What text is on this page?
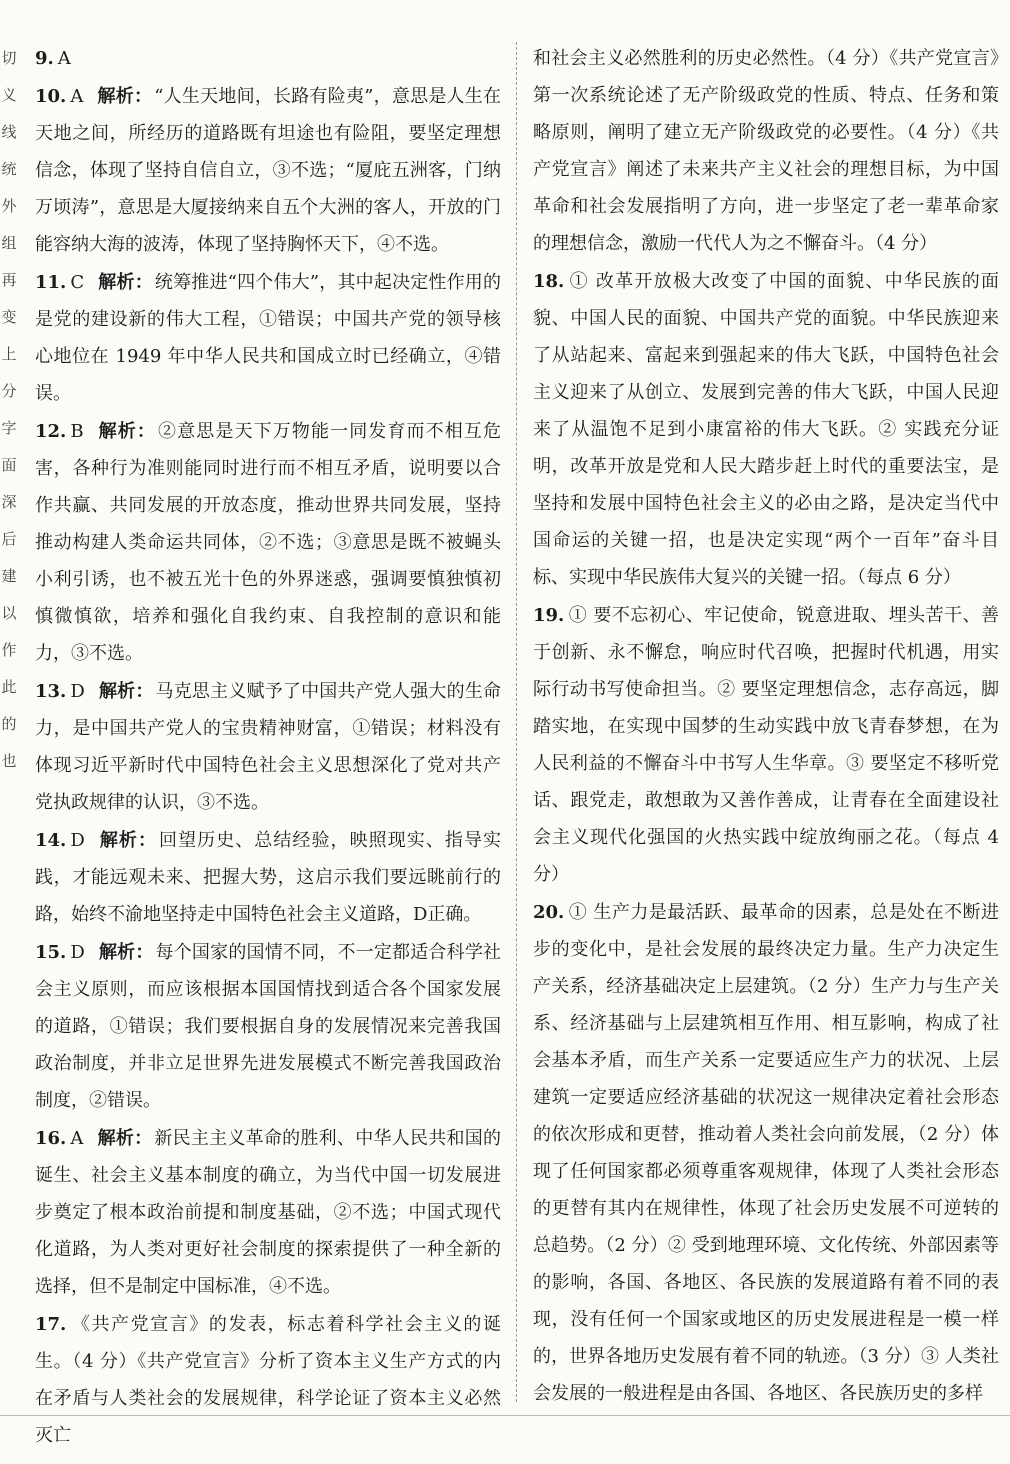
切
义
线
统
外
组
再
变
上
分
字
面
深
后
建
以
作
此
的
也
9. A
10. A 解析： “人生天地间，长路有险夷”，意思是人生在天地之间，所经历的道路既有坦途也有险阻，要坚定理想信念，体现了坚持自信自立，③不选；“厦庇五洲客，门纳万顷涛”，意思是大厦接纳来自五个大洲的客人，开放的门能容纳大海的波涛，体现了坚持胸怀天下，④不选。
11. C 解析： 统筹推进“四个伟大”，其中起决定性作用的是党的建设新的伟大工程，①错误；中国共产党的领导核心地位在 1949 年中华人民共和国成立时已经确立，④错误。
12. B 解析： ②意思是天下万物能一同发育而不相互危害，各种行为准则能同时进行而不相互矛盾，说明要以合作共赢、共同发展的开放态度，推动世界共同发展，坚持推动构建人类命运共同体，②不选；③意思是既不被蝇头小利引诱，也不被五光十色的外界迷惑，强调要慎独慎初慎微慎欲，培养和强化自我约束、自我控制的意识和能力，③不选。
13. D 解析： 马克思主义赋予了中国共产党人强大的生命力，是中国共产党人的宝贵精神财富，①错误；材料没有体现习近平新时代中国特色社会主义思想深化了党对共产党执政规律的认识，③不选。
14. D 解析： 回望历史、总结经验，映照现实、指导实践，才能远观未来、把握大势，这启示我们要远眺前行的路，始终不渝地坚持走中国特色社会主义道路，D正确。
15. D 解析： 每个国家的国情不同，不一定都适合科学社会主义原则，而应该根据本国国情找到适合各个国家发展的道路，①错误；我们要根据自身的发展情况来完善我国政治制度，并非立足世界先进发展模式不断完善我国政治制度，②错误。
16. A 解析： 新民主主义革命的胜利、中华人民共和国的诞生、社会主义基本制度的确立，为当代中国一切发展进步奠定了根本政治前提和制度基础，②不选；中国式现代化道路，为人类对更好社会制度的探索提供了一种全新的选择，但不是制定中国标准，④不选。
17. 《共产党宣言》的发表，标志着科学社会主义的诞生。（4 分）《共产党宣言》分析了资本主义生产方式的内在矛盾与人类社会的发展规律，科学论证了资本主义必然灭亡
和社会主义必然胜利的历史必然性。（4 分）《共产党宣言》第一次系统论述了无产阶级政党的性质、特点、任务和策略原则，阐明了建立无产阶级政党的必要性。（4 分）《共产党宣言》阐述了未来共产主义社会的理想目标，为中国革命和社会发展指明了方向，进一步坚定了老一辈革命家的理想信念，激励一代代人为之不懈奋斗。（4 分）
18. ① 改革开放极大改变了中国的面貌、中华民族的面貌、中国人民的面貌、中国共产党的面貌。中华民族迎来了从站起来、富起来到强起来的伟大飞跃，中国特色社会主义迎来了从创立、发展到完善的伟大飞跃，中国人民迎来了从温饱不足到小康富裕的伟大飞跃。② 实践充分证明，改革开放是党和人民大踏步赶上时代的重要法宝，是坚持和发展中国特色社会主义的必由之路，是决定当代中国命运的关键一招，也是决定实现“两个一百年”奋斗目标、实现中华民族伟大复兴的关键一招。（每点 6 分）
19. ① 要不忘初心、牢记使命，锐意进取、埋头苦干、善于创新、永不懈怠，响应时代召唤，把握时代机遇，用实际行动书写使命担当。② 要坚定理想信念，志存高远，脚踏实地，在实现中国梦的生动实践中放飞青春梦想，在为人民利益的不懈奋斗中书写人生华章。③ 要坚定不移听党话、跟党走，敢想敢为又善作善成，让青春在全面建设社会主义现代化强国的火热实践中绽放绚丽之花。（每点 4 分）
20. ① 生产力是最活跃、最革命的因素，总是处在不断进步的变化中，是社会发展的最终决定力量。生产力决定生产关系，经济基础决定上层建筑。（2 分）生产力与生产关系、经济基础与上层建筑相互作用、相互影响，构成了社会基本矛盾，而生产关系一定要适应生产力的状况、上层建筑一定要适应经济基础的状况这一规律决定着社会形态的依次形成和更替，推动着人类社会向前发展，（2 分）体现了任何国家都必须尊重客观规律，体现了人类社会形态的更替有其内在规律性，体现了社会历史发展不可逆转的总趋势。（2 分）② 受到地理环境、文化传统、外部因素等的影响，各国、各地区、各民族的发展道路有着不同的表现，没有任何一个国家或地区的历史发展进程是一模一样的，世界各地历史发展有着不同的轨迹。（3 分）③ 人类社会发展的一般进程是由各国、各地区、各民族历史的多样
